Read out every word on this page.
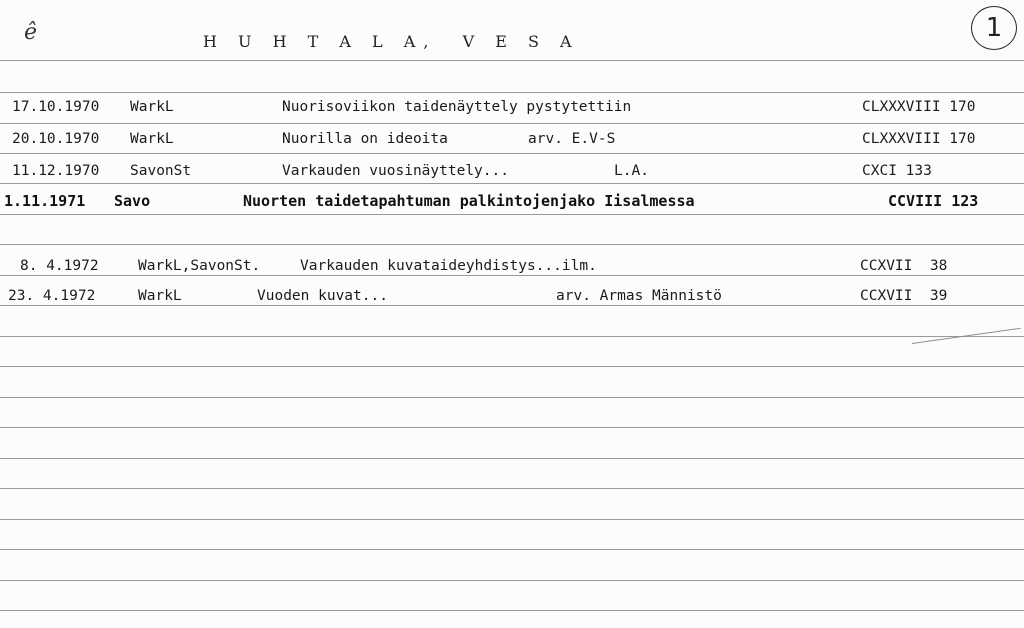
ê	H U H T A L A,  V E S A	1
17.10.1970 WarkL	Nuorisoviikon taidenäyttely pystytettiin	CLXXXVIII 170
20.10.1970 WarkL	Nuorilla on ideoita	arv. E.V-S	CLXXXVIII 170
11.12.1970 SavonSt	Varkauden vuosinäyttely...	L.A.	CXCI 133
1.11.1971 Savo	Nuorten taidetapahtuman palkintojenjako Iisalmessa	CCVIII 123
8. 4.1972	WarkL,SavonSt.	Varkauden kuvataideyhdistys...ilm.	CCXVII  38
23. 4.1972	WarkL	Vuoden kuvat...	arv. Armas Männistö	CCXVII  39
